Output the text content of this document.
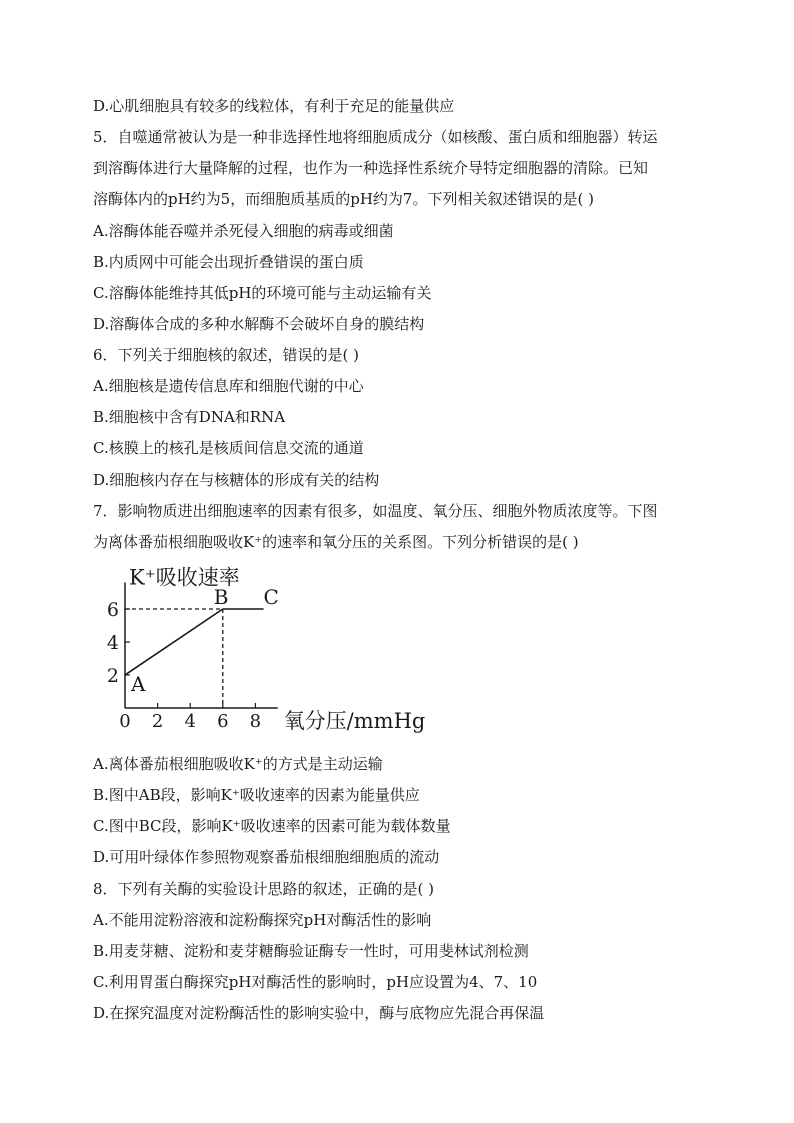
D.心肌细胞具有较多的线粒体，有利于充足的能量供应
5．自噬通常被认为是一种非选择性地将细胞质成分（如核酸、蛋白质和细胞器）转运
到溶酶体进行大量降解的过程，也作为一种选择性系统介导特定细胞器的清除。已知
溶酶体内的pH约为5，而细胞质基质的pH约为7。下列相关叙述错误的是( )
A.溶酶体能吞噬并杀死侵入细胞的病毒或细菌
B.内质网中可能会出现折叠错误的蛋白质
C.溶酶体能维持其低pH的环境可能与主动运输有关
D.溶酶体合成的多种水解酶不会破坏自身的膜结构
6．下列关于细胞核的叙述，错误的是( )
A.细胞核是遗传信息库和细胞代谢的中心
B.细胞核中含有DNA和RNA
C.核膜上的核孔是核质间信息交流的通道
D.细胞核内存在与核糖体的形成有关的结构
7．影响物质进出细胞速率的因素有很多，如温度、氧分压、细胞外物质浓度等。下图
为离体番茄根细胞吸收K⁺的速率和氧分压的关系图。下列分析错误的是( )
0 2 4 6 8
2
4
6
K⁺吸收速率
氧分压/mmHg
A
B C
A.离体番茄根细胞吸收K⁺的方式是主动运输
B.图中AB段，影响K⁺吸收速率的因素为能量供应
C.图中BC段，影响K⁺吸收速率的因素可能为载体数量
D.可用叶绿体作参照物观察番茄根细胞细胞质的流动
8．下列有关酶的实验设计思路的叙述，正确的是( )
A.不能用淀粉溶液和淀粉酶探究pH对酶活性的影响
B.用麦芽糖、淀粉和麦芽糖酶验证酶专一性时，可用斐林试剂检测
C.利用胃蛋白酶探究pH对酶活性的影响时，pH应设置为4、7、10
D.在探究温度对淀粉酶活性的影响实验中，酶与底物应先混合再保温
